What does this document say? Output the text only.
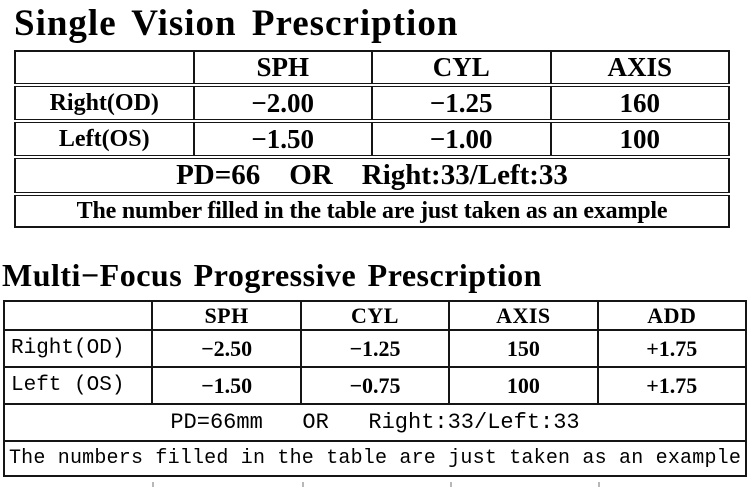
Single Vision Prescription
	SPH	CYL	AXIS
Right(OD)	−2.00	−1.25	160
Left(OS)	−1.50	−1.00	100
PD=66    OR    Right:33/Left:33			
The number filled in the table are just taken as an example			
Multi−Focus Progressive Prescription
	SPH	CYL	AXIS	ADD
Right(OD)	−2.50	−1.25	150	+1.75
Left (OS)	−1.50	−0.75	100	+1.75
PD=66mm   OR   Right:33/Left:33				
The numbers filled in the table are just taken as an example				
